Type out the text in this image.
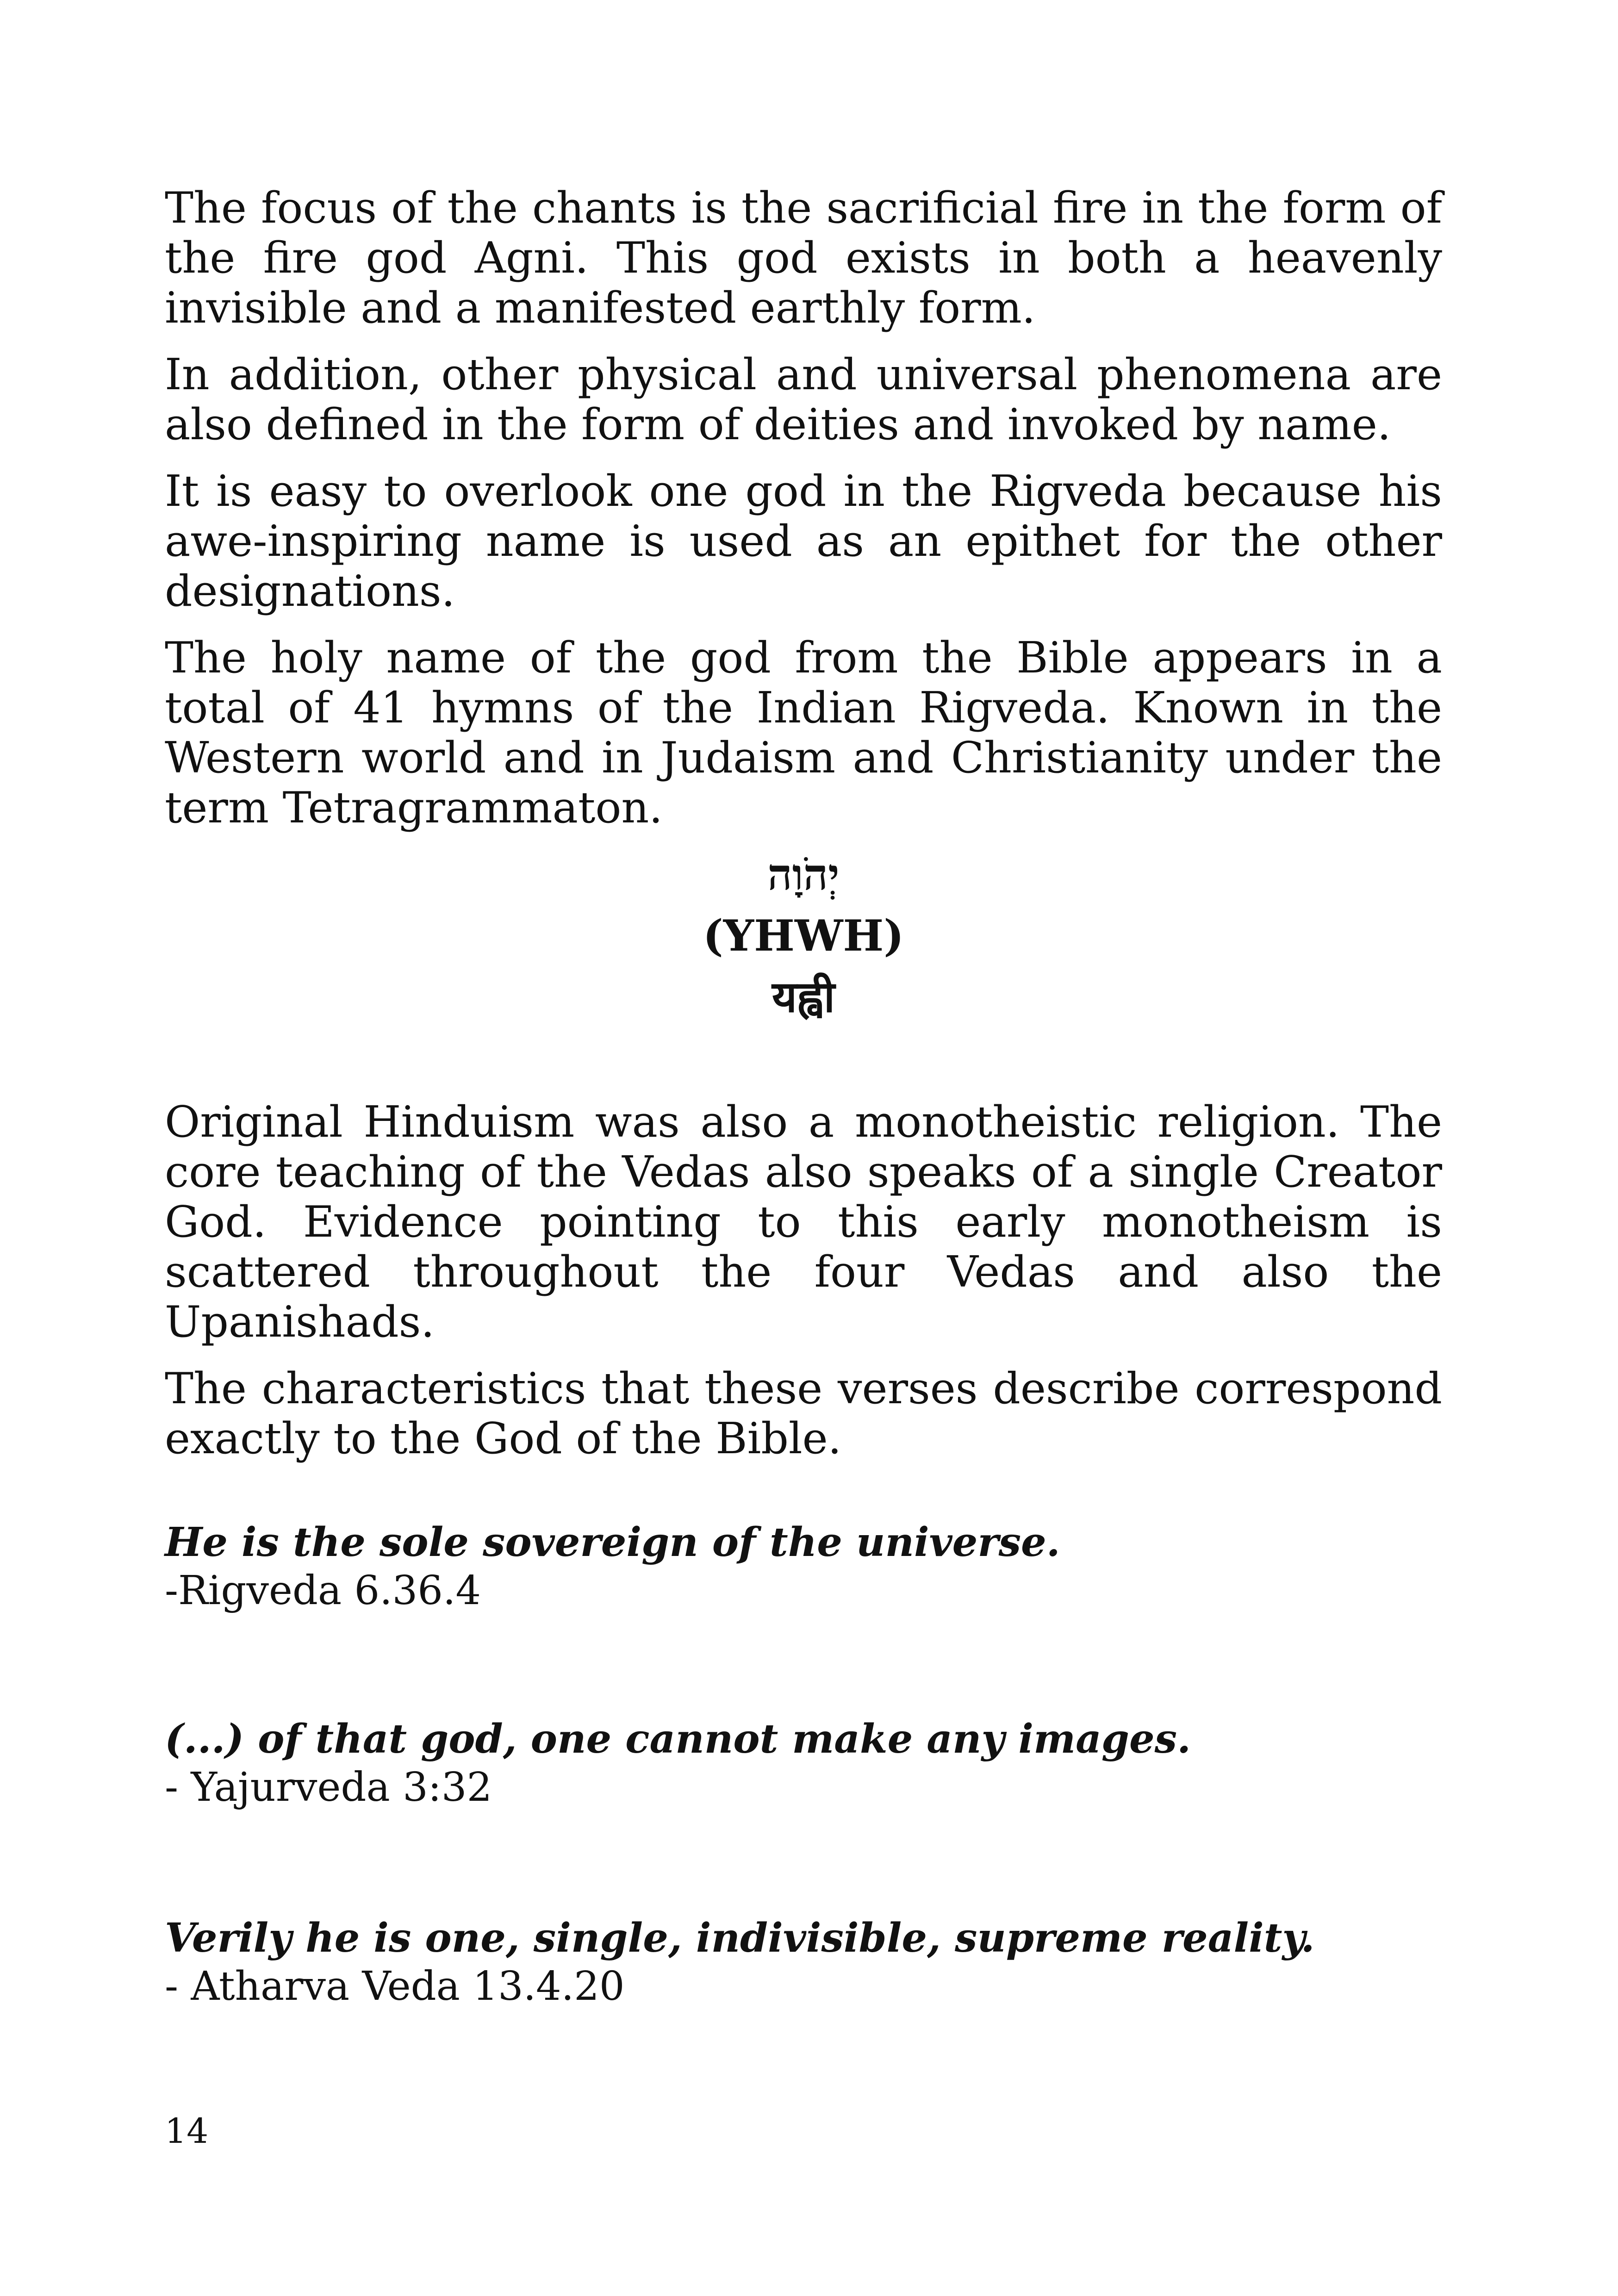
The focus of the chants is the sacrificial fire in the form of the fire god Agni. This god exists in both a heavenly invisible and a manifested earthly form.

In addition, other physical and universal phenomena are also defined in the form of deities and invoked by name.

It is easy to overlook one god in the Rigveda because his awe-inspiring name is used as an epithet for the other designations.

The holy name of the god from the Bible appears in a total of 41 hymns of the Indian Rigveda. Known in the Western world and in Judaism and Christianity under the term Tetragrammaton.

יְהֹוָה

(YHWH)

यह्वी

Original Hinduism was also a monotheistic religion. The core teaching of the Vedas also speaks of a single Creator God. Evidence pointing to this early monotheism is scattered throughout the four Vedas and also the Upanishads.

The characteristics that these verses describe correspond exactly to the God of the Bible.

He is the sole sovereign of the universe.

-Rigveda 6.36.4

(...) of that god, one cannot make any images.

- Yajurveda 3:32

Verily he is one, single, indivisible, supreme reality.

- Atharva Veda 13.4.20

14
